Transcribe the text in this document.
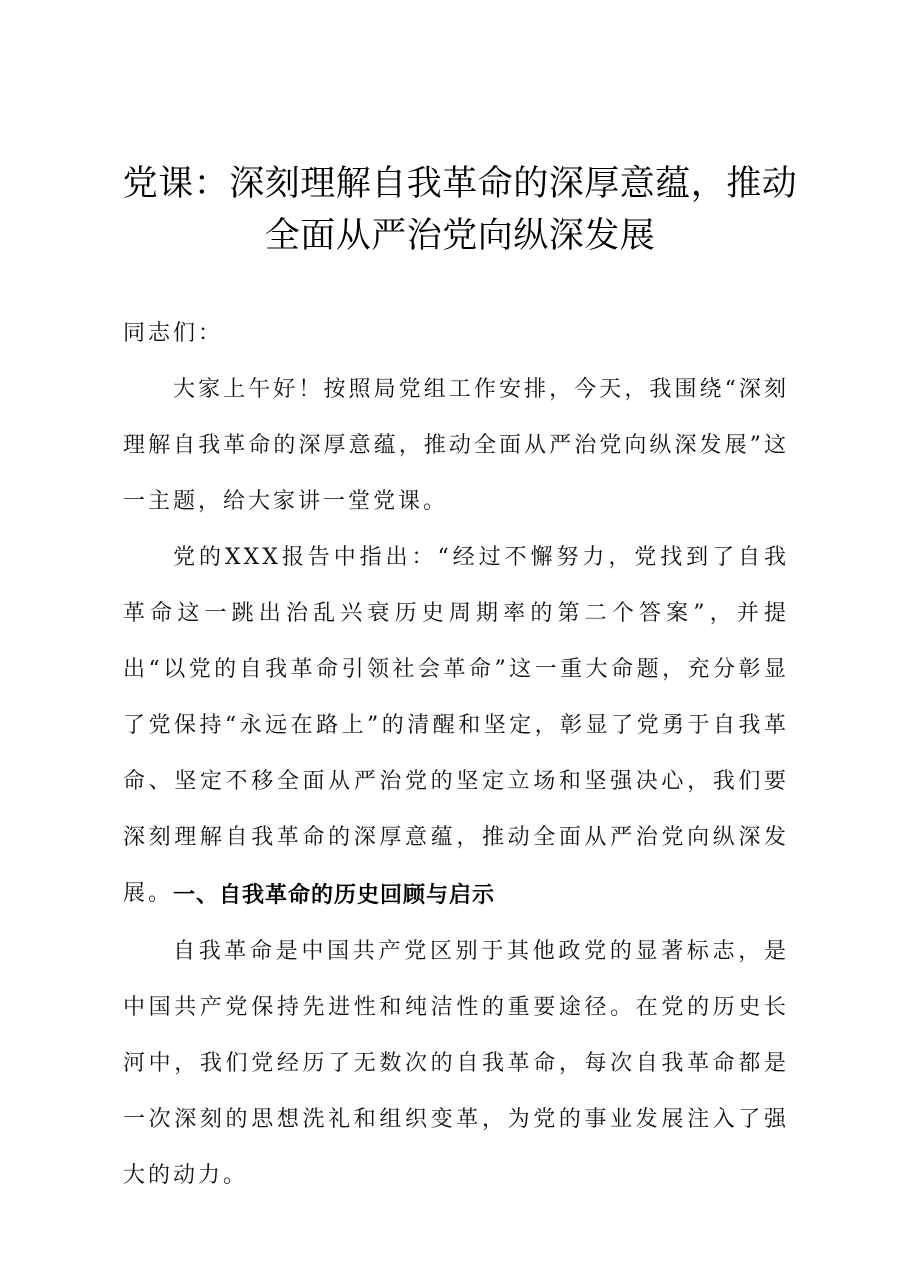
党课：深刻理解自我革命的深厚意蕴，推动全面从严治党向纵深发展

同志们：

大家上午好！按照局党组工作安排，今天，我围绕“深刻理解自我革命的深厚意蕴，推动全面从严治党向纵深发展”这一主题，给大家讲一堂党课。

党的XXX报告中指出：“经过不懈努力，党找到了自我革命这一跳出治乱兴衰历史周期率的第二个答案”，并提出“以党的自我革命引领社会革命”这一重大命题，充分彰显了党保持“永远在路上”的清醒和坚定，彰显了党勇于自我革命、坚定不移全面从严治党的坚定立场和坚强决心，我们要深刻理解自我革命的深厚意蕴，推动全面从严治党向纵深发展。 一、自我革命的历史回顾与启示

自我革命是中国共产党区别于其他政党的显著标志，是中国共产党保持先进性和纯洁性的重要途径。在党的历史长河中，我们党经历了无数次的自我革命，每次自我革命都是一次深刻的思想洗礼和组织变革，为党的事业发展注入了强大的动力。
